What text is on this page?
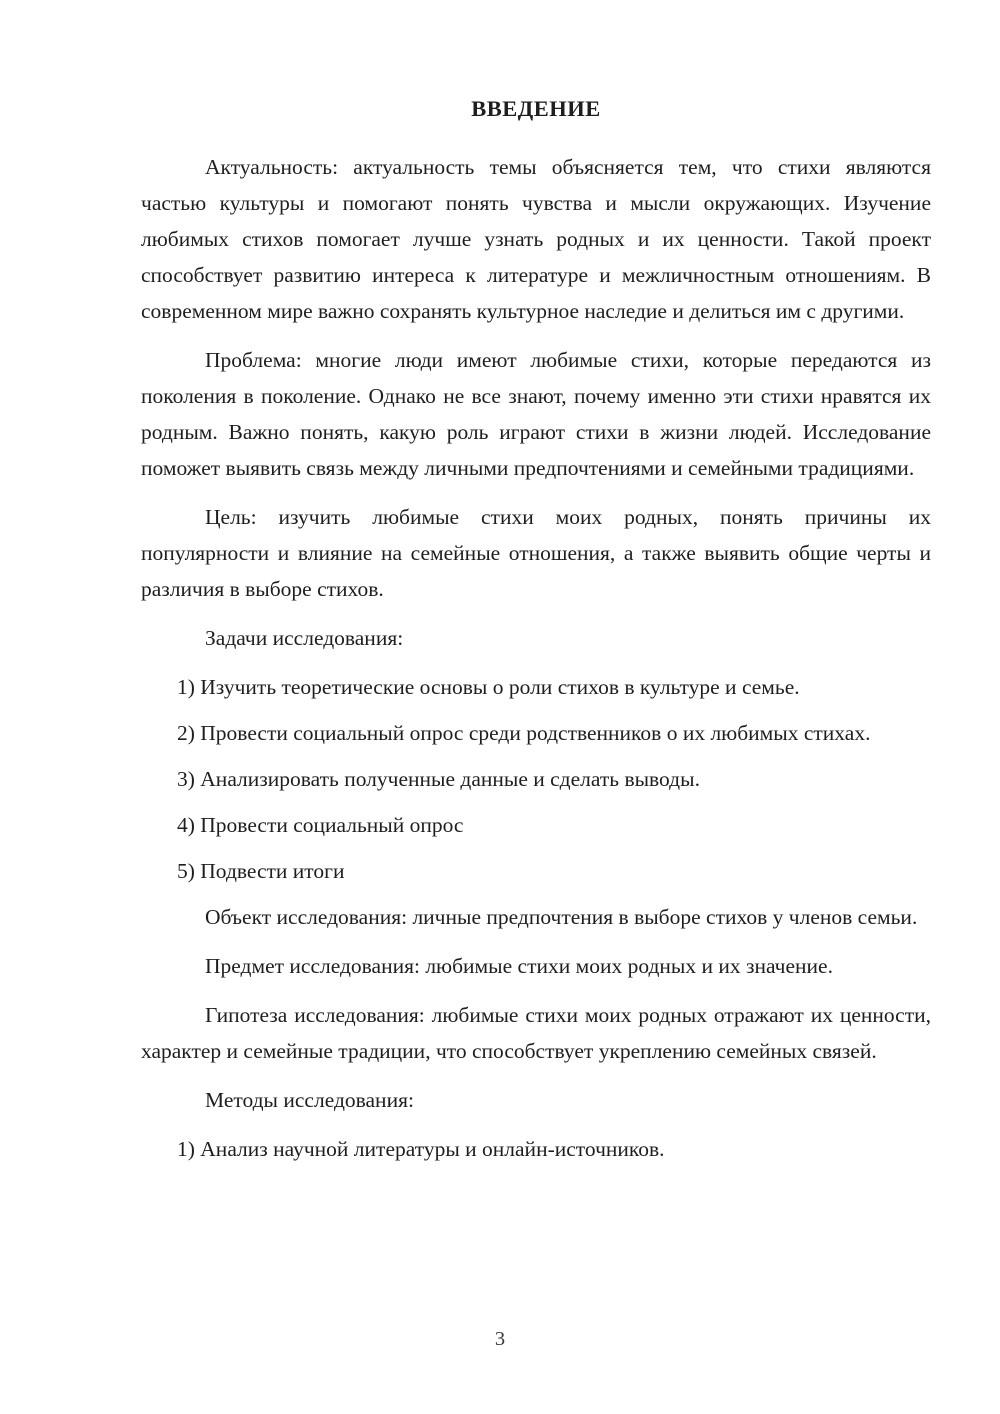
ВВЕДЕНИЕ

Актуальность: актуальность темы объясняется тем, что стихи являются частью культуры и помогают понять чувства и мысли окружающих. Изучение любимых стихов помогает лучше узнать родных и их ценности. Такой проект способствует развитию интереса к литературе и межличностным отношениям. В современном мире важно сохранять культурное наследие и делиться им с другими.

Проблема: многие люди имеют любимые стихи, которые передаются из поколения в поколение. Однако не все знают, почему именно эти стихи нравятся их родным. Важно понять, какую роль играют стихи в жизни людей. Исследование поможет выявить связь между личными предпочтениями и семейными традициями.

Цель: изучить любимые стихи моих родных, понять причины их популярности и влияние на семейные отношения, а также выявить общие черты и различия в выборе стихов.

Задачи исследования:

1) Изучить теоретические основы о роли стихов в культуре и семье.

2) Провести социальный опрос среди родственников о их любимых стихах.

3) Анализировать полученные данные и сделать выводы.

4) Провести социальный опрос

5) Подвести итоги

Объект исследования: личные предпочтения в выборе стихов у членов семьи.

Предмет исследования: любимые стихи моих родных и их значение.

Гипотеза исследования: любимые стихи моих родных отражают их ценности, характер и семейные традиции, что способствует укреплению семейных связей.

Методы исследования:

1) Анализ научной литературы и онлайн-источников.

3
